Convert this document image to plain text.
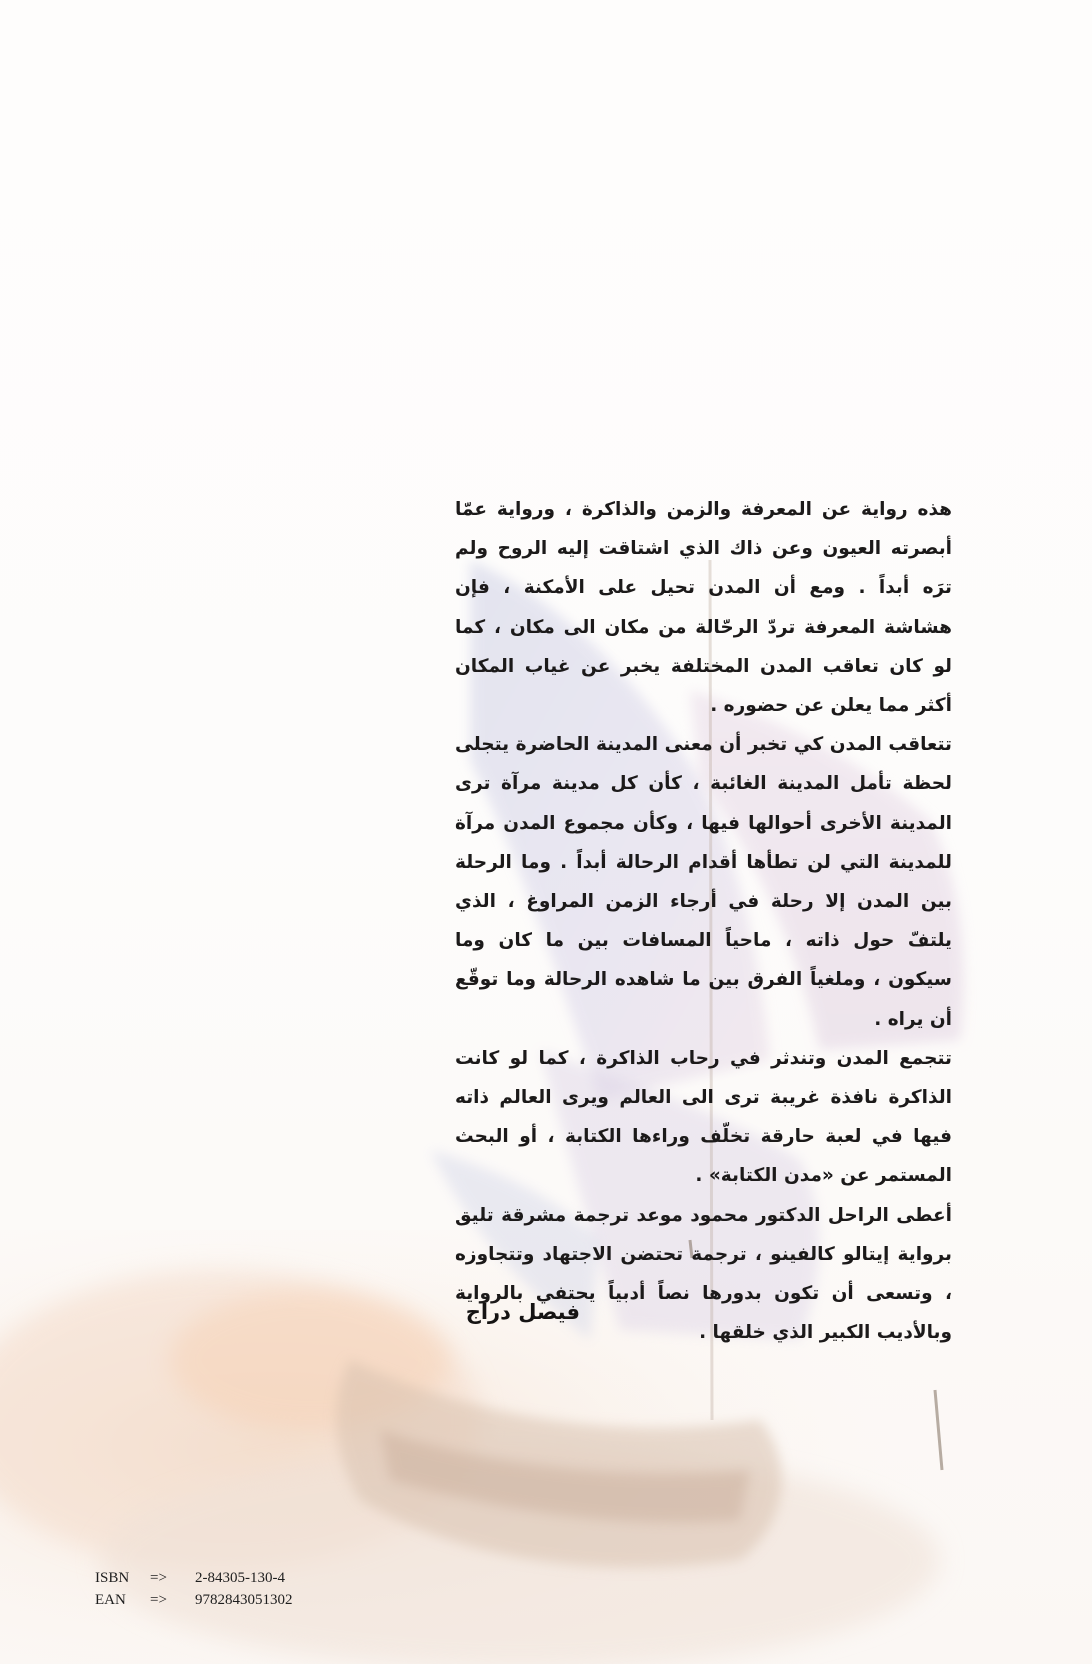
هذه رواية عن المعرفة والزمن والذاكرة ، ورواية عمّا أبصرته العيون وعن ذاك الذي اشتاقت إليه الروح ولم ترَه أبداً . ومع أن المدن تحيل على الأمكنة ، فإن هشاشة المعرفة تردّ الرحّالة من مكان الى مكان ، كما لو كان تعاقب المدن المختلفة يخبر عن غياب المكان أكثر مما يعلن عن حضوره .

تتعاقب المدن كي تخبر أن معنى المدينة الحاضرة يتجلى لحظة تأمل المدينة الغائبة ، كأن كل مدينة مرآة ترى المدينة الأخرى أحوالها فيها ، وكأن مجموع المدن مرآة للمدينة التي لن تطأها أقدام الرحالة أبداً . وما الرحلة بين المدن إلا رحلة في أرجاء الزمن المراوغ ، الذي يلتفّ حول ذاته ، ماحياً المسافات بين ما كان وما سيكون ، وملغياً الفرق بين ما شاهده الرحالة وما توقّع أن يراه .

تتجمع المدن وتندثر في رحاب الذاكرة ، كما لو كانت الذاكرة نافذة غريبة ترى الى العالم ويرى العالم ذاته فيها في لعبة حارقة تخلّف وراءها الكتابة ، أو البحث المستمر عن «مدن الكتابة» .

أعطى الراحل الدكتور محمود موعد ترجمة مشرقة تليق برواية إيتالو كالفينو ، ترجمة تحتضن الاجتهاد وتتجاوزه ، وتسعى أن تكون بدورها نصاً أدبياً يحتفي بالرواية وبالأديب الكبير الذي خلقها .

فيصل دراج
ISBN	=>	2-84305-130-4
EAN	=>	9782843051302
